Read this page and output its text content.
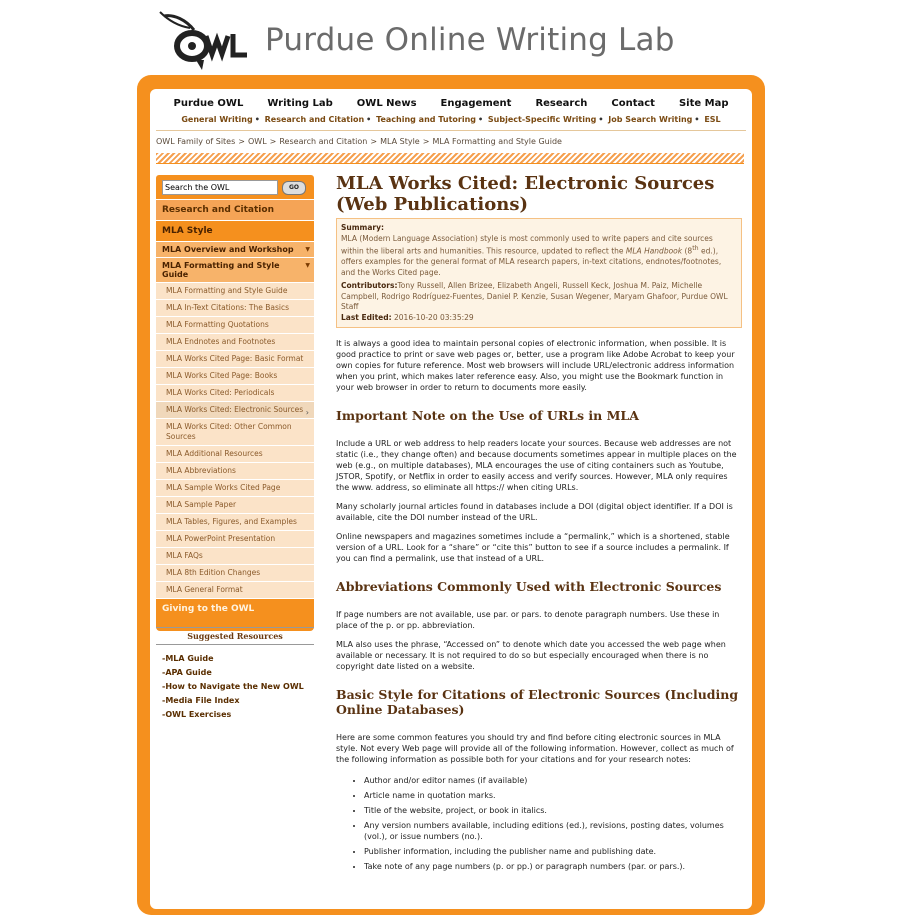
Purdue Online Writing Lab
Purdue OWL	Writing Lab	OWL News	Engagement	Research	Contact	Site Map
General Writing • Research and Citation • Teaching and Tutoring • Subject-Specific Writing • Job Search Writing • ESL
OWL Family of Sites > OWL > Research and Citation > MLA Style > MLA Formatting and Style Guide
Search the OWL
GO
Research and Citation
MLA Style
MLA Overview and Workshop ▼
MLA Formatting and Style Guide
▼
MLA Formatting and Style Guide
MLA In-Text Citations: The Basics
MLA Formatting Quotations
MLA Endnotes and Footnotes
MLA Works Cited Page: Basic Format
MLA Works Cited Page: Books
MLA Works Cited: Periodicals
MLA Works Cited: Electronic Sources ›
MLA Works Cited: Other Common Sources
MLA Additional Resources
MLA Abbreviations
MLA Sample Works Cited Page
MLA Sample Paper
MLA Tables, Figures, and Examples
MLA PowerPoint Presentation
MLA FAQs
MLA 8th Edition Changes
MLA General Format
Giving to the OWL
Suggested Resources
-MLA Guide
-APA Guide
-How to Navigate the New OWL
-Media File Index
-OWL Exercises
MLA Works Cited: Electronic Sources (Web Publications)
Summary:
MLA (Modern Language Association) style is most commonly used to write papers and cite sources within the liberal arts and humanities. This resource, updated to reflect the MLA Handbook (8th ed.), offers examples for the general format of MLA research papers, in-text citations, endnotes/footnotes, and the Works Cited page.
Contributors:Tony Russell, Allen Brizee, Elizabeth Angeli, Russell Keck, Joshua M. Paiz, Michelle Campbell, Rodrigo Rodríguez-Fuentes, Daniel P. Kenzie, Susan Wegener, Maryam Ghafoor, Purdue OWL Staff
Last Edited: 2016-10-20 03:35:29

It is always a good idea to maintain personal copies of electronic information, when possible. It is good practice to print or save web pages or, better, use a program like Adobe Acrobat to keep your own copies for future reference. Most web browsers will include URL/electronic address information when you print, which makes later reference easy. Also, you might use the Bookmark function in your web browser in order to return to documents more easily.

Important Note on the Use of URLs in MLA

Include a URL or web address to help readers locate your sources. Because web addresses are not static (i.e., they change often) and because documents sometimes appear in multiple places on the web (e.g., on multiple databases), MLA encourages the use of citing containers such as Youtube, JSTOR, Spotify, or Netflix in order to easily access and verify sources. However, MLA only requires the www. address, so eliminate all https:// when citing URLs.

Many scholarly journal articles found in databases include a DOI (digital object identifier. If a DOI is available, cite the DOI number instead of the URL.

Online newspapers and magazines sometimes include a “permalink,” which is a shortened, stable version of a URL. Look for a “share” or “cite this” button to see if a source includes a permalink. If you can find a permalink, use that instead of a URL.

Abbreviations Commonly Used with Electronic Sources

If page numbers are not available, use par. or pars. to denote paragraph numbers. Use these in place of the p. or pp. abbreviation.

MLA also uses the phrase, “Accessed on” to denote which date you accessed the web page when available or necessary. It is not required to do so but especially encouraged when there is no copyright date listed on a website.

Basic Style for Citations of Electronic Sources (Including Online Databases)

Here are some common features you should try and find before citing electronic sources in MLA style. Not every Web page will provide all of the following information. However, collect as much of the following information as possible both for your citations and for your research notes:

• Author and/or editor names (if available)
• Article name in quotation marks.
• Title of the website, project, or book in italics.
• Any version numbers available, including editions (ed.), revisions, posting dates, volumes (vol.), or issue numbers (no.).
• Publisher information, including the publisher name and publishing date.
• Take note of any page numbers (p. or pp.) or paragraph numbers (par. or pars.).
